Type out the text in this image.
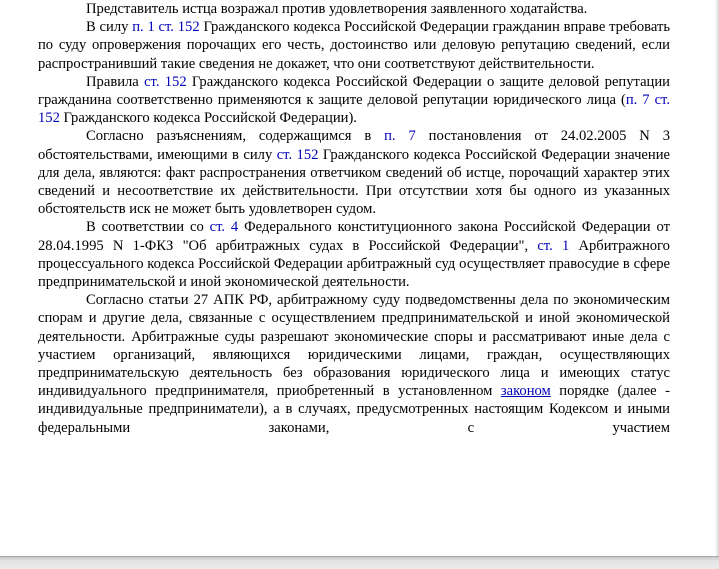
Представитель истца возражал против удовлетворения заявленного ходатайства.

В силу п. 1 ст. 152 Гражданского кодекса Российской Федерации гражданин вправе требовать по суду опровержения порочащих его честь, достоинство или деловую репутацию сведений, если распространивший такие сведения не докажет, что они соответствуют действительности.

Правила ст. 152 Гражданского кодекса Российской Федерации о защите деловой репутации гражданина соответственно применяются к защите деловой репутации юридического лица (п. 7 ст. 152 Гражданского кодекса Российской Федерации).

Согласно разъяснениям, содержащимся в п. 7 постановления от 24.02.2005 N 3 обстоятельствами, имеющими в силу ст. 152 Гражданского кодекса Российской Федерации значение для дела, являются: факт распространения ответчиком сведений об истце, порочащий характер этих сведений и несоответствие их действительности. При отсутствии хотя бы одного из указанных обстоятельств иск не может быть удовлетворен судом.

В соответствии со ст. 4 Федерального конституционного закона Российской Федерации от 28.04.1995 N 1-ФКЗ "Об арбитражных судах в Российской Федерации", ст. 1 Арбитражного процессуального кодекса Российской Федерации арбитражный суд осуществляет правосудие в сфере предпринимательской и иной экономической деятельности.

Согласно статьи 27 АПК РФ, арбитражному суду подведомственны дела по экономическим спорам и другие дела, связанные с осуществлением предпринимательской и иной экономической деятельности. Арбитражные суды разрешают экономические споры и рассматривают иные дела с участием организаций, являющихся юридическими лицами, граждан, осуществляющих предпринимательскую деятельность без образования юридического лица и имеющих статус индивидуального предпринимателя, приобретенный в установленном законом порядке (далее - индивидуальные предприниматели), а в случаях, предусмотренных настоящим Кодексом и иными федеральными законами, с участием
